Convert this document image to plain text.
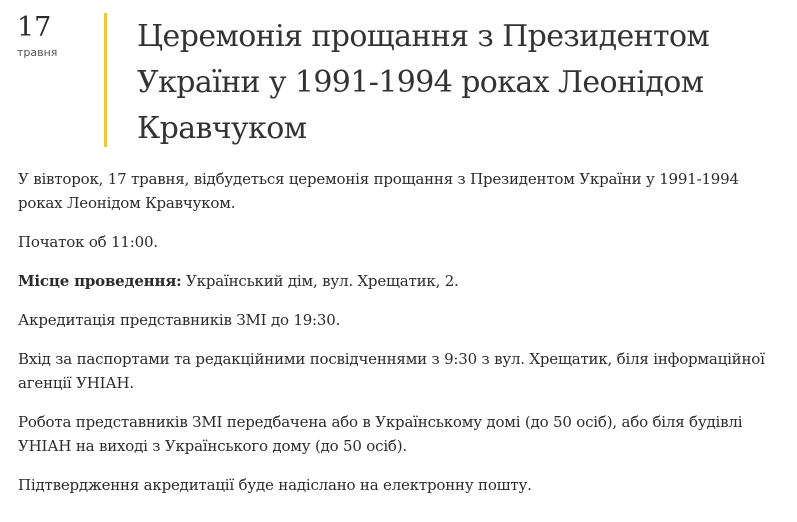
17
травня	Церемонія прощання з Президентом України у 1991-1994 роках Леонідом Кравчуком

У вівторок, 17 травня, відбудеться церемонія прощання з Президентом України у 1991-1994 роках Леонідом Кравчуком.

Початок об 11:00.

Місце проведення: Український дім, вул. Хрещатик, 2.

Акредитація представників ЗМІ до 19:30.

Вхід за паспортами та редакційними посвідченнями з 9:30 з вул. Хрещатик, біля інформаційної агенції УНІАН.

Робота представників ЗМІ передбачена або в Українському домі (до 50 осіб), або біля будівлі УНІАН на виході з Українського дому (до 50 осіб).

Підтвердження акредитації буде надіслано на електронну пошту.
